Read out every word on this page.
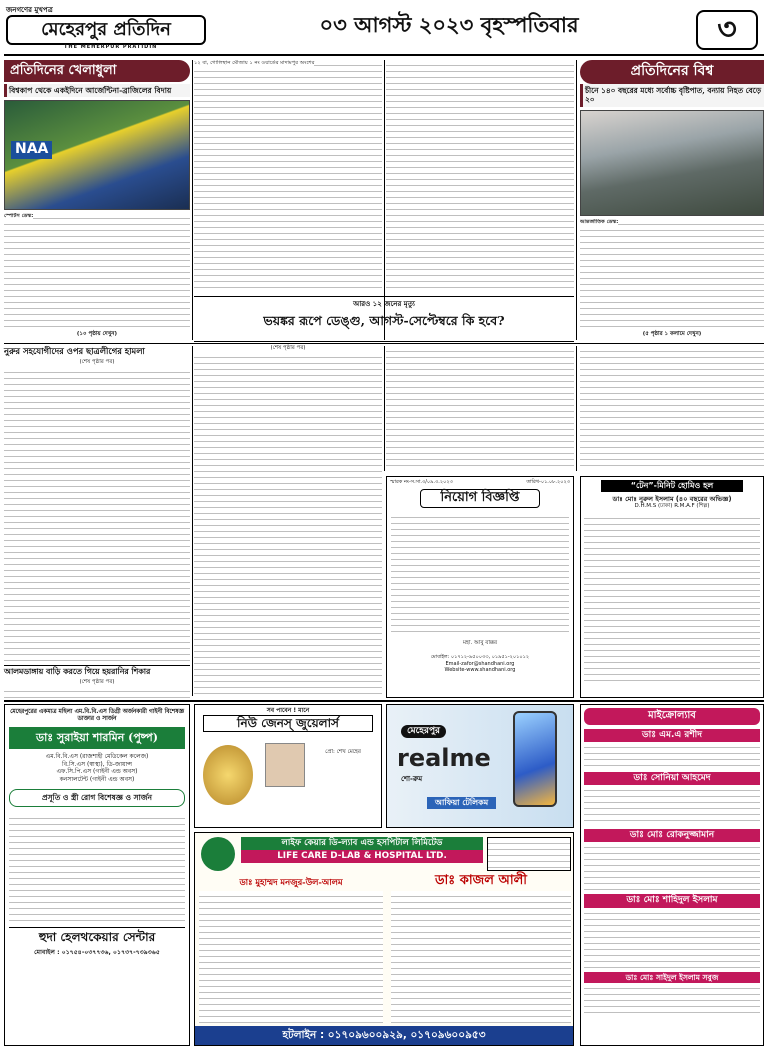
জনগণের মুখপত্র
মেহেরপুর প্রতিদিন
THE MEHERPUR PRATIDIN
০৩ আগস্ট ২০২৩ বৃহস্পতিবার	৩
প্রতিদিনের খেলাধুলা
বিশ্বকাপ থেকে একইদিনে আর্জেন্টিনা-ব্রাজিলের বিদায়
NAA
স্পোর্টস ডেস্ক:
(১০ পৃষ্ঠায় দেখুন)
১২ বা, গোলিস্থান মৌজায় ১ নং ওয়ার্ডের মাদামপুর অংশের	প্রতিদিনের বিশ্ব
চীনে ১৪০ বছরের মধ্যে সর্বোচ্চ বৃষ্টিপাত, বন্যায় নিহত বেড়ে ২০
আন্তর্জাতিক ডেস্ক:
(৫ পৃষ্ঠার ১ কলামে দেখুন)
আরও ১২ জনের মৃত্যু
ভয়ঙ্কর রূপে ডেঙ্গু, আগস্ট-সেপ্টেম্বরে কি হবে?
নুরুর সহযোগীদের ওপর ছাত্রলীগের হামলা
(শেষ পৃষ্ঠার পর)
আলমডাঙ্গায় বাড়ি করতে গিয়ে হয়রানির শিকার
(শেষ পৃষ্ঠার পর)
(শেষ পৃষ্ঠার পর)
স্মারক নং-স.সা.৩/০৯.৩.২০২৩	তারিখ-০১.০৮.২০২৩
নিয়োগ বিজ্ঞপ্তি
মহা. আবু বাক্কর
মোবাইল: ০১৭১২-৯৫০০৩৩, ০১৯৫১-২০১০১২
Email-zafor@shandhani.org
Website-www.shandhani.org
“টেন”-মিনিট হোমিও হল
ডাঃ মোঃ নুরুল ইসলাম (৪০ বছরের অভিজ্ঞ)
D.H.M.S (ঢাকা) R.M.A.F (শিল্প)
মেহেরপুরের একমাত্র মহিলা এম.বি.বি.এস ডিগ্রী অর্জনকারী গাইনী বিশেষজ্ঞ ডাক্তার ও সার্জন
ডাঃ সুরাইয়া শারমিন (পুষ্প)
এম.বি.বি.এস (রাজশাহী মেডিকেল কলেজ)
বি.সি.এস (স্বাস্থ্য), ডি-জায়ান্স
এফ.সি.পি.এস (গাইনী এন্ড অবস)
কনসালটেন্ট (গাইনী এন্ড অবস)
প্রসূতি ও স্ত্রী রোগ বিশেষজ্ঞ ও সার্জন
হুদা হেলথকেয়ার সেন্টার
মোবাইল : ০১৭৫৪-০৩৭৭৩৬, ০১৭৩৭-৭৩৯৩৬৫
সব পাবেন ! মানে
নিউ জেনস্‌ জুয়েলার্স
প্রো: শেখ মেহের
মেহেরপুর
realme
শো-রুম
আফিয়া টেলিকম
মাইক্রোল্যাব
ডাঃ এম.এ রশীদ
ডাঃ সোনিয়া আহমেদ
ডাঃ মোঃ রোকনুজ্জামান
ডাঃ মোঃ শাহিদুল ইসলাম
ডাঃ মোঃ সাইদুল ইসলাম সবুজ
লাইফ কেয়ার ডি-ল্যাব এন্ড হসপিটাল লিমিটেড
LIFE CARE D-LAB & HOSPITAL LTD.
ডাঃ মুহাম্মদ মনজুর-উল-আলম	ডাঃ কাজল আলী
হটলাইন : ০১৭০৯৬০০৯২৯, ০১৭০৯৬০০৯৫৩
